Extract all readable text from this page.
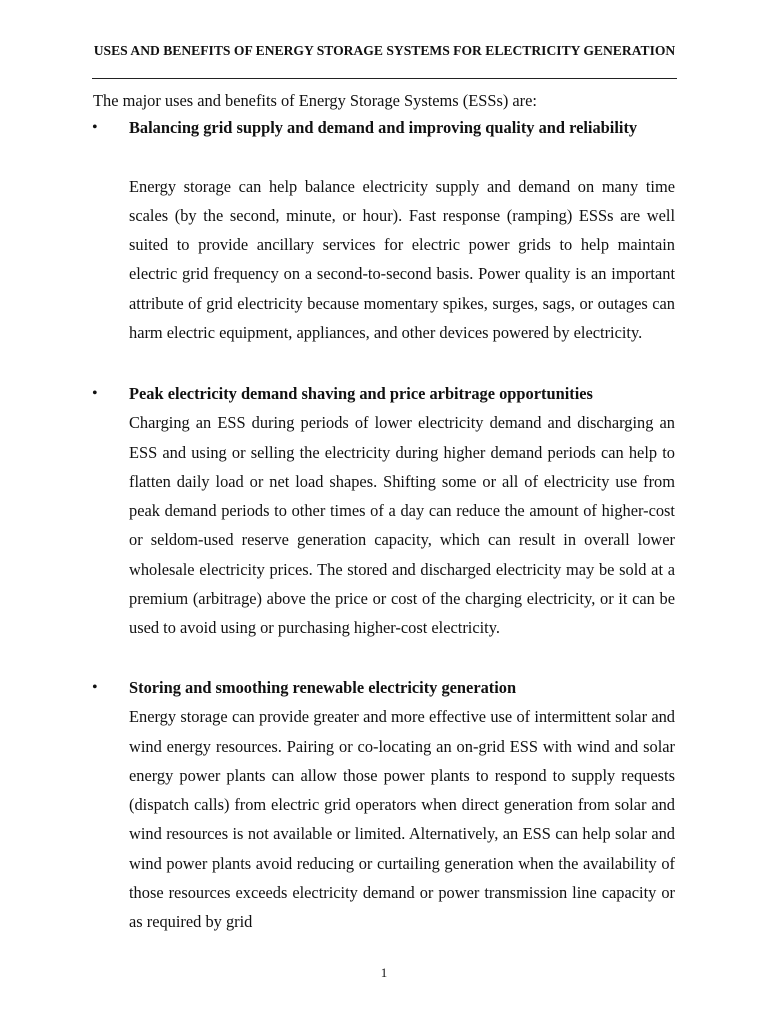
USES AND BENEFITS OF ENERGY STORAGE SYSTEMS FOR ELECTRICITY GENERATION

The major uses and benefits of Energy Storage Systems (ESSs) are:

• Balancing grid supply and demand and improving quality and reliability

Energy storage can help balance electricity supply and demand on many time scales (by the second, minute, or hour). Fast response (ramping) ESSs are well suited to provide ancillary services for electric power grids to help maintain electric grid frequency on a second-to-second basis. Power quality is an important attribute of grid electricity because momentary spikes, surges, sags, or outages can harm electric equipment, appliances, and other devices powered by electricity.

• Peak electricity demand shaving and price arbitrage opportunities

Charging an ESS during periods of lower electricity demand and discharging an ESS and using or selling the electricity during higher demand periods can help to flatten daily load or net load shapes. Shifting some or all of electricity use from peak demand periods to other times of a day can reduce the amount of higher-cost or seldom-used reserve generation capacity, which can result in overall lower wholesale electricity prices. The stored and discharged electricity may be sold at a premium (arbitrage) above the price or cost of the charging electricity, or it can be used to avoid using or purchasing higher-cost electricity.

• Storing and smoothing renewable electricity generation

Energy storage can provide greater and more effective use of intermittent solar and wind energy resources. Pairing or co-locating an on-grid ESS with wind and solar energy power plants can allow those power plants to respond to supply requests (dispatch calls) from electric grid operators when direct generation from solar and wind resources is not available or limited. Alternatively, an ESS can help solar and wind power plants avoid reducing or curtailing generation when the availability of those resources exceeds electricity demand or power transmission line capacity or as required by grid

1
